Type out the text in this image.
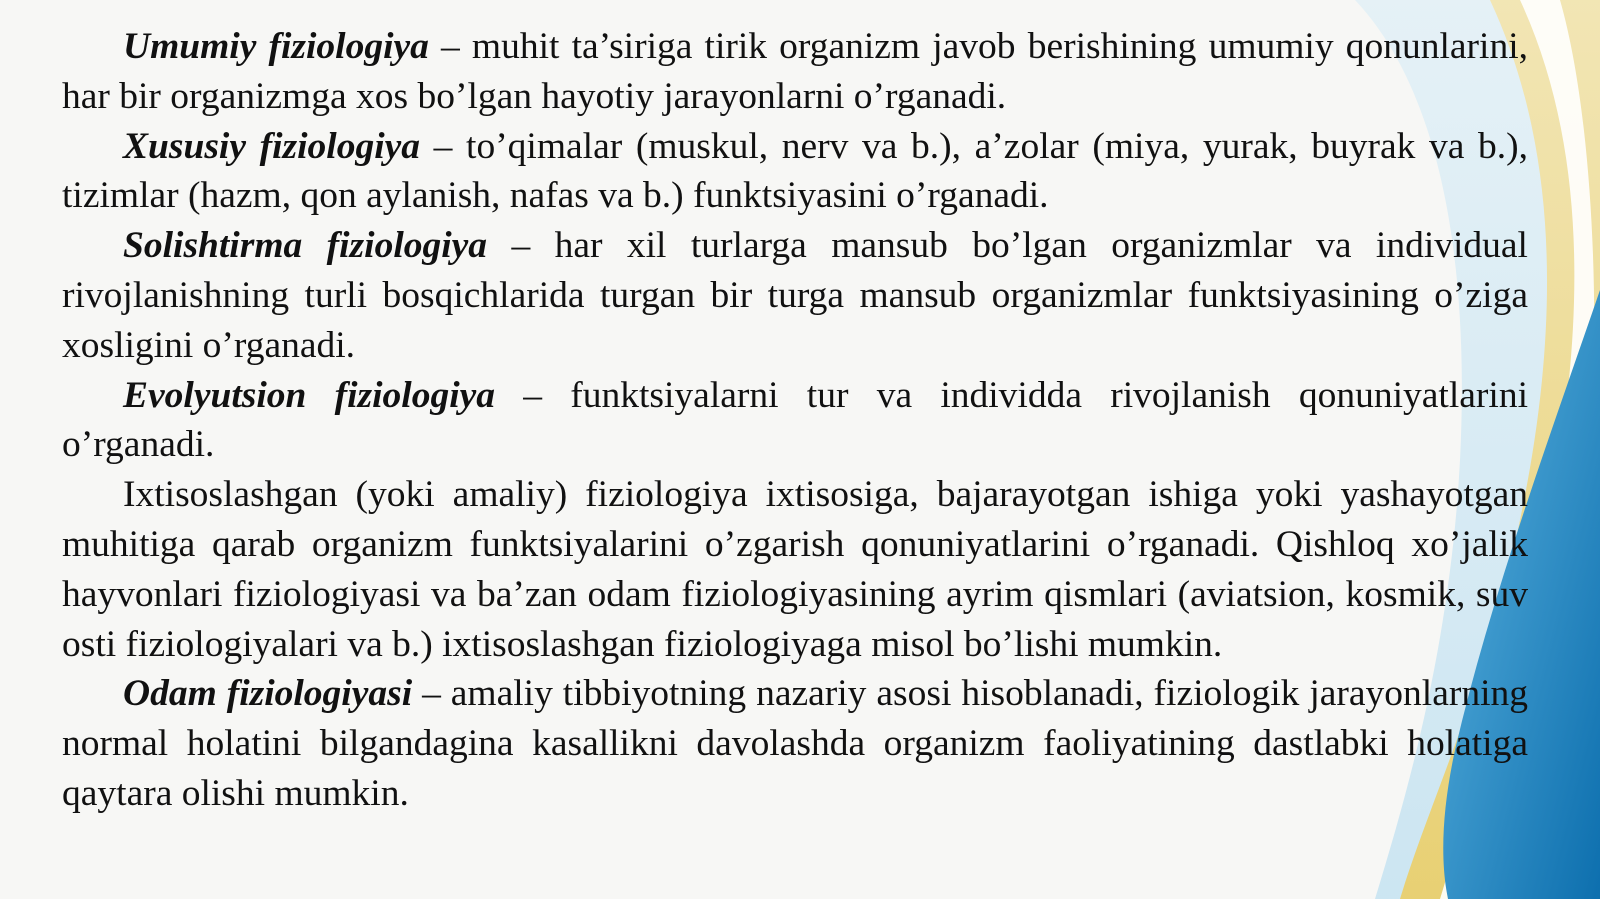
Umumiy fiziologiya – muhit ta’siriga tirik organizm javob berishining umumiy qonunlarini, har bir organizmga xos bo’lgan hayotiy jarayonlarni o’rganadi.

Xususiy fiziologiya – to’qimalar (muskul, nerv va b.), a’zolar (miya, yurak, buyrak va b.), tizimlar (hazm, qon aylanish, nafas va b.) funktsiyasini o’rganadi.

Solishtirma fiziologiya – har xil turlarga mansub bo’lgan organizmlar va individual rivojlanishning turli bosqichlarida turgan bir turga mansub organizmlar funktsiyasining o’ziga xosligini o’rganadi.

Evolyutsion fiziologiya – funktsiyalarni tur va individda rivojlanish qonuniyatlarini o’rganadi.

Ixtisoslashgan (yoki amaliy) fiziologiya ixtisosiga, bajarayotgan ishiga yoki yashayotgan muhitiga qarab organizm funktsiyalarini o’zgarish qonuniyatlarini o’rganadi. Qishloq xo’jalik hayvonlari fiziologiyasi va ba’zan odam fiziologiyasining ayrim qismlari (aviatsion, kosmik, suv osti fiziologiyalari va b.) ixtisoslashgan fiziologiyaga misol bo’lishi mumkin.

Odam fiziologiyasi – amaliy tibbiyotning nazariy asosi hisoblanadi, fiziologik jarayonlarning normal holatini bilgandagina kasallikni davolashda organizm faoliyatining dastlabki holatiga qaytara olishi mumkin.
